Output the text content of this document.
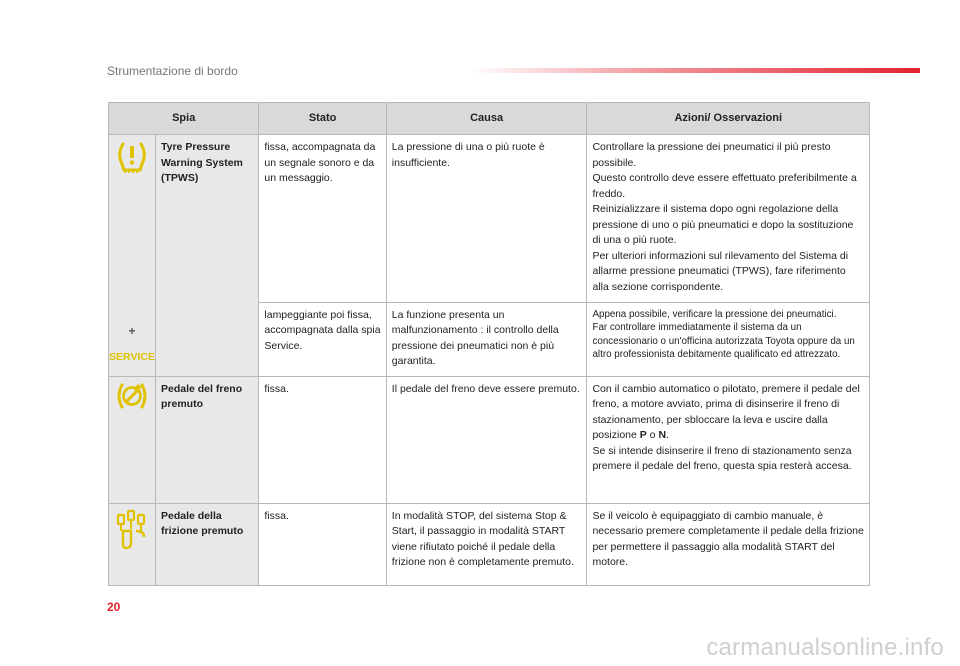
Strumentazione di bordo
Spia		Stato	Causa	Azioni/ Osservazioni

+
SERVICE	Tyre Pressure Warning System (TPWS)	fissa, accompagnata da un segnale sonoro e da un messaggio.	La pressione di una o più ruote è insufficiente.	Controllare la pressione dei pneumatici il più presto possibile.
Questo controllo deve essere effettuato preferibilmente a freddo.
Reinizializzare il sistema dopo ogni regolazione della pressione di uno o più pneumatici e dopo la sostituzione di una o più ruote.
Per ulteriori informazioni sul rilevamento del Sistema di allarme pressione pneumatici (TPWS), fare riferimento alla sezione corrispondente.
		lampeggiante poi fissa, accompagnata dalla spia Service.	La funzione presenta un malfunzionamento : il controllo della pressione dei pneumatici non è più garantita.	Appena possibile, verificare la pressione dei pneumatici.
Far controllare immediatamente il sistema da un concessionario o un'officina autorizzata Toyota oppure da un altro professionista debitamente qualificato ed attrezzato.
	Pedale del freno premuto	fissa.	Il pedale del freno deve essere premuto.	Con il cambio automatico o pilotato, premere il pedale del freno, a motore avviato, prima di disinserire il freno di stazionamento, per sbloccare la leva e uscire dalla posizione P o N.
Se si intende disinserire il freno di stazionamento senza premere il pedale del freno, questa spia resterà accesa.
	Pedale della frizione premuto	fissa.	In modalità STOP, del sistema Stop & Start, il passaggio in modalità START viene rifiutato poiché il pedale della frizione non è completamente premuto.	Se il veicolo è equipaggiato di cambio manuale, è necessario premere completamente il pedale della frizione per permettere il passaggio alla modalità START del motore.
20
carmanualsonline.info
